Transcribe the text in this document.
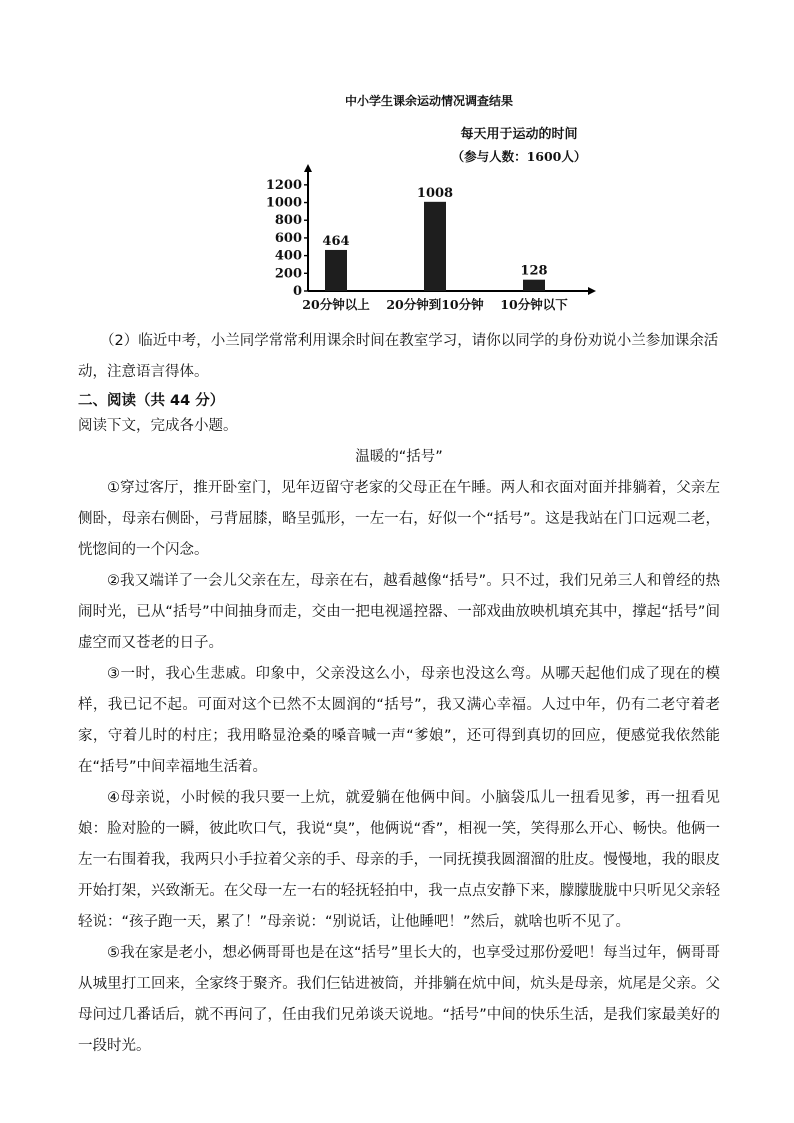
中小学生课余运动情况调查结果
每天用于运动的时间
（参与人数：1600人）
0
200
400
600
800
1000
1200
464
20分钟以上
1008
20分钟到10分钟
128
10分钟以下

（2）临近中考，小兰同学常常利用课余时间在教室学习，请你以同学的身份劝说小兰参加课余活

动，注意语言得体。

二、阅读（共 44 分）

阅读下文，完成各小题。

温暖的“括号”

①穿过客厅，推开卧室门，见年迈留守老家的父母正在午睡。两人和衣面对面并排躺着，父亲左侧卧，母亲右侧卧，弓背屈膝，略呈弧形，一左一右，好似一个“括号”。这是我站在门口远观二老，恍惚间的一个闪念。

②我又端详了一会儿父亲在左，母亲在右，越看越像“括号”。只不过，我们兄弟三人和曾经的热闹时光，已从“括号”中间抽身而走，交由一把电视遥控器、一部戏曲放映机填充其中，撑起“括号”间虚空而又苍老的日子。

③一时，我心生悲戚。印象中，父亲没这么小，母亲也没这么弯。从哪天起他们成了现在的模样，我已记不起。可面对这个已然不太圆润的“括号”，我又满心幸福。人过中年，仍有二老守着老家，守着儿时的村庄；我用略显沧桑的嗓音喊一声“爹娘”，还可得到真切的回应，便感觉我依然能在“括号”中间幸福地生活着。

④母亲说，小时候的我只要一上炕，就爱躺在他俩中间。小脑袋瓜儿一扭看见爹，再一扭看见娘：脸对脸的一瞬，彼此吹口气，我说“臭”，他俩说“香”，相视一笑，笑得那么开心、畅快。他俩一左一右围着我，我两只小手拉着父亲的手、母亲的手，一同抚摸我圆溜溜的肚皮。慢慢地，我的眼皮开始打架，兴致渐无。在父母一左一右的轻抚轻拍中，我一点点安静下来，朦朦胧胧中只听见父亲轻轻说：“孩子跑一天，累了！”母亲说：“别说话，让他睡吧！”然后，就啥也听不见了。

⑤我在家是老小，想必俩哥哥也是在这“括号”里长大的，也享受过那份爱吧！每当过年，俩哥哥从城里打工回来，全家终于聚齐。我们仨钻进被筒，并排躺在炕中间，炕头是母亲，炕尾是父亲。父母问过几番话后，就不再问了，任由我们兄弟谈天说地。“括号”中间的快乐生活，是我们家最美好的一段时光。
